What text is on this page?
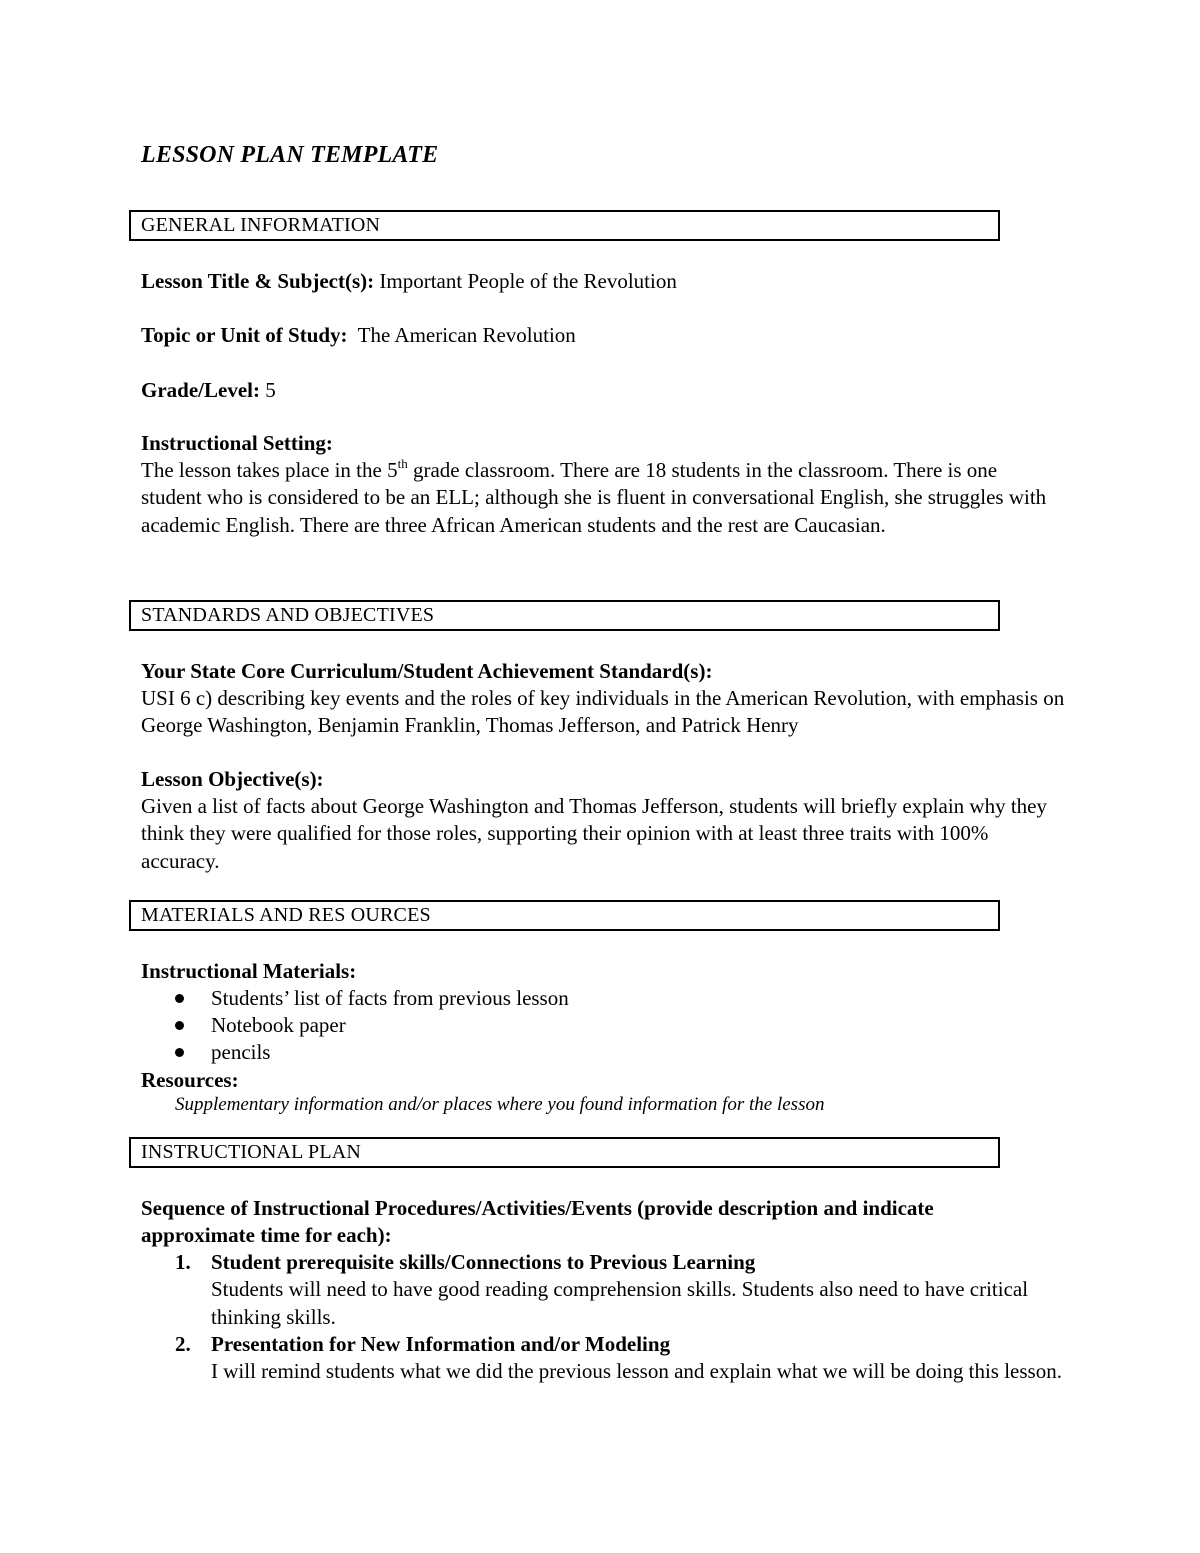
LESSON PLAN TEMPLATE
GENERAL INFORMATION
Lesson Title & Subject(s): Important People of the Revolution
Topic or Unit of Study: The American Revolution
Grade/Level: 5
Instructional Setting:
The lesson takes place in the 5th grade classroom. There are 18 students in the classroom. There is one student who is considered to be an ELL; although she is fluent in conversational English, she struggles with academic English. There are three African American students and the rest are Caucasian.
STANDARDS AND OBJECTIVES
Your State Core Curriculum/Student Achievement Standard(s):
USI 6 c) describing key events and the roles of key individuals in the American Revolution, with emphasis on George Washington, Benjamin Franklin, Thomas Jefferson, and Patrick Henry
Lesson Objective(s):
Given a list of facts about George Washington and Thomas Jefferson, students will briefly explain why they think they were qualified for those roles, supporting their opinion with at least three traits with 100% accuracy.
MATERIALS AND RES OURCES
Instructional Materials:
Students’ list of facts from previous lesson
Notebook paper
pencils
Resources:
Supplementary information and/or places where you found information for the lesson
INSTRUCTIONAL PLAN
Sequence of Instructional Procedures/Activities/Events (provide description and indicate approximate time for each):
1. Student prerequisite skills/Connections to Previous Learning
Students will need to have good reading comprehension skills. Students also need to have critical thinking skills.
2. Presentation for New Information and/or Modeling
I will remind students what we did the previous lesson and explain what we will be doing this lesson.
